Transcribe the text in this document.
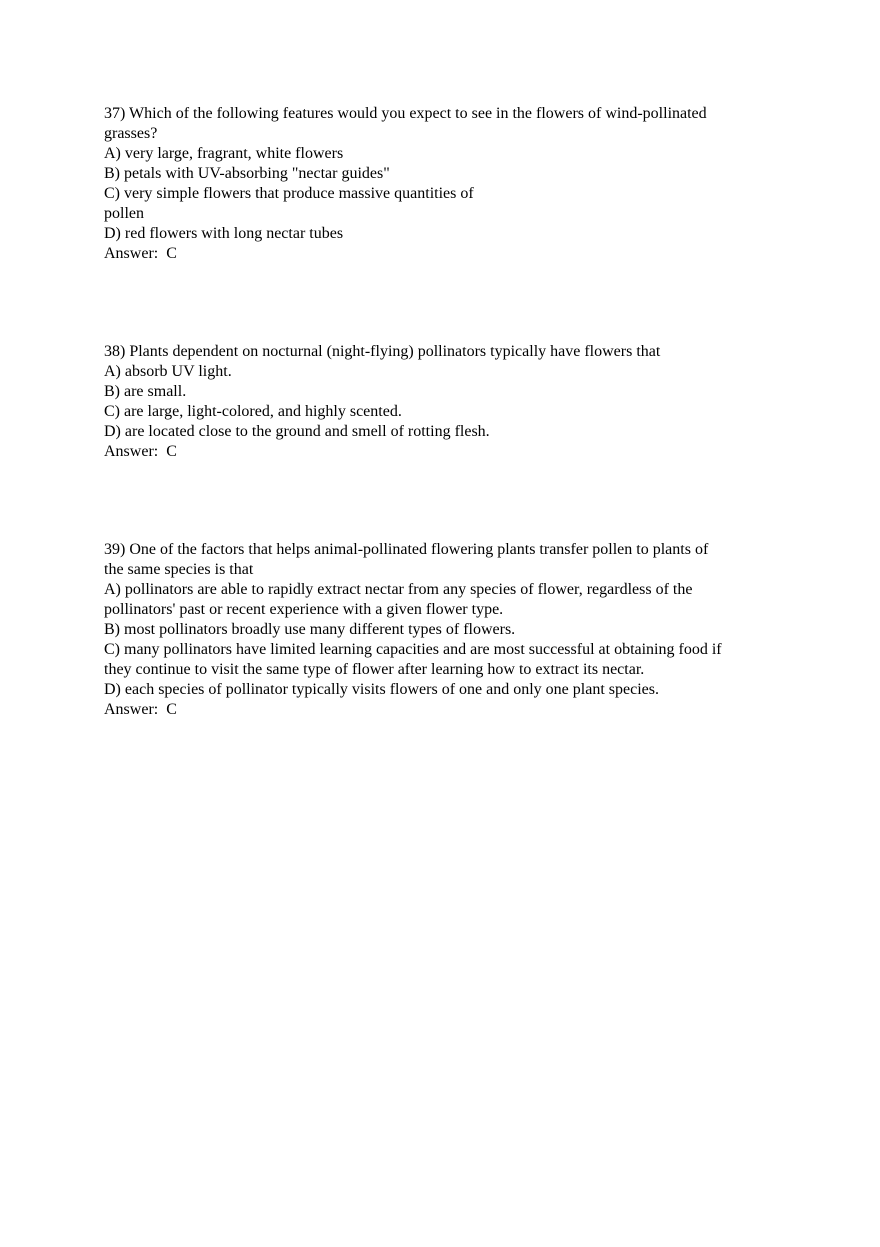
37) Which of the following features would you expect to see in the flowers of wind-pollinated
grasses?
A) very large, fragrant, white flowers
B) petals with UV-absorbing "nectar guides"
C) very simple flowers that produce massive quantities of
pollen
D) red flowers with long nectar tubes
Answer:  C
38) Plants dependent on nocturnal (night-flying) pollinators typically have flowers that
A) absorb UV light.
B) are small.
C) are large, light-colored, and highly scented.
D) are located close to the ground and smell of rotting flesh.
Answer:  C
39) One of the factors that helps animal-pollinated flowering plants transfer pollen to plants of
the same species is that
A) pollinators are able to rapidly extract nectar from any species of flower, regardless of the
pollinators' past or recent experience with a given flower type.
B) most pollinators broadly use many different types of flowers.
C) many pollinators have limited learning capacities and are most successful at obtaining food if
they continue to visit the same type of flower after learning how to extract its nectar.
D) each species of pollinator typically visits flowers of one and only one plant species.
Answer:  C
